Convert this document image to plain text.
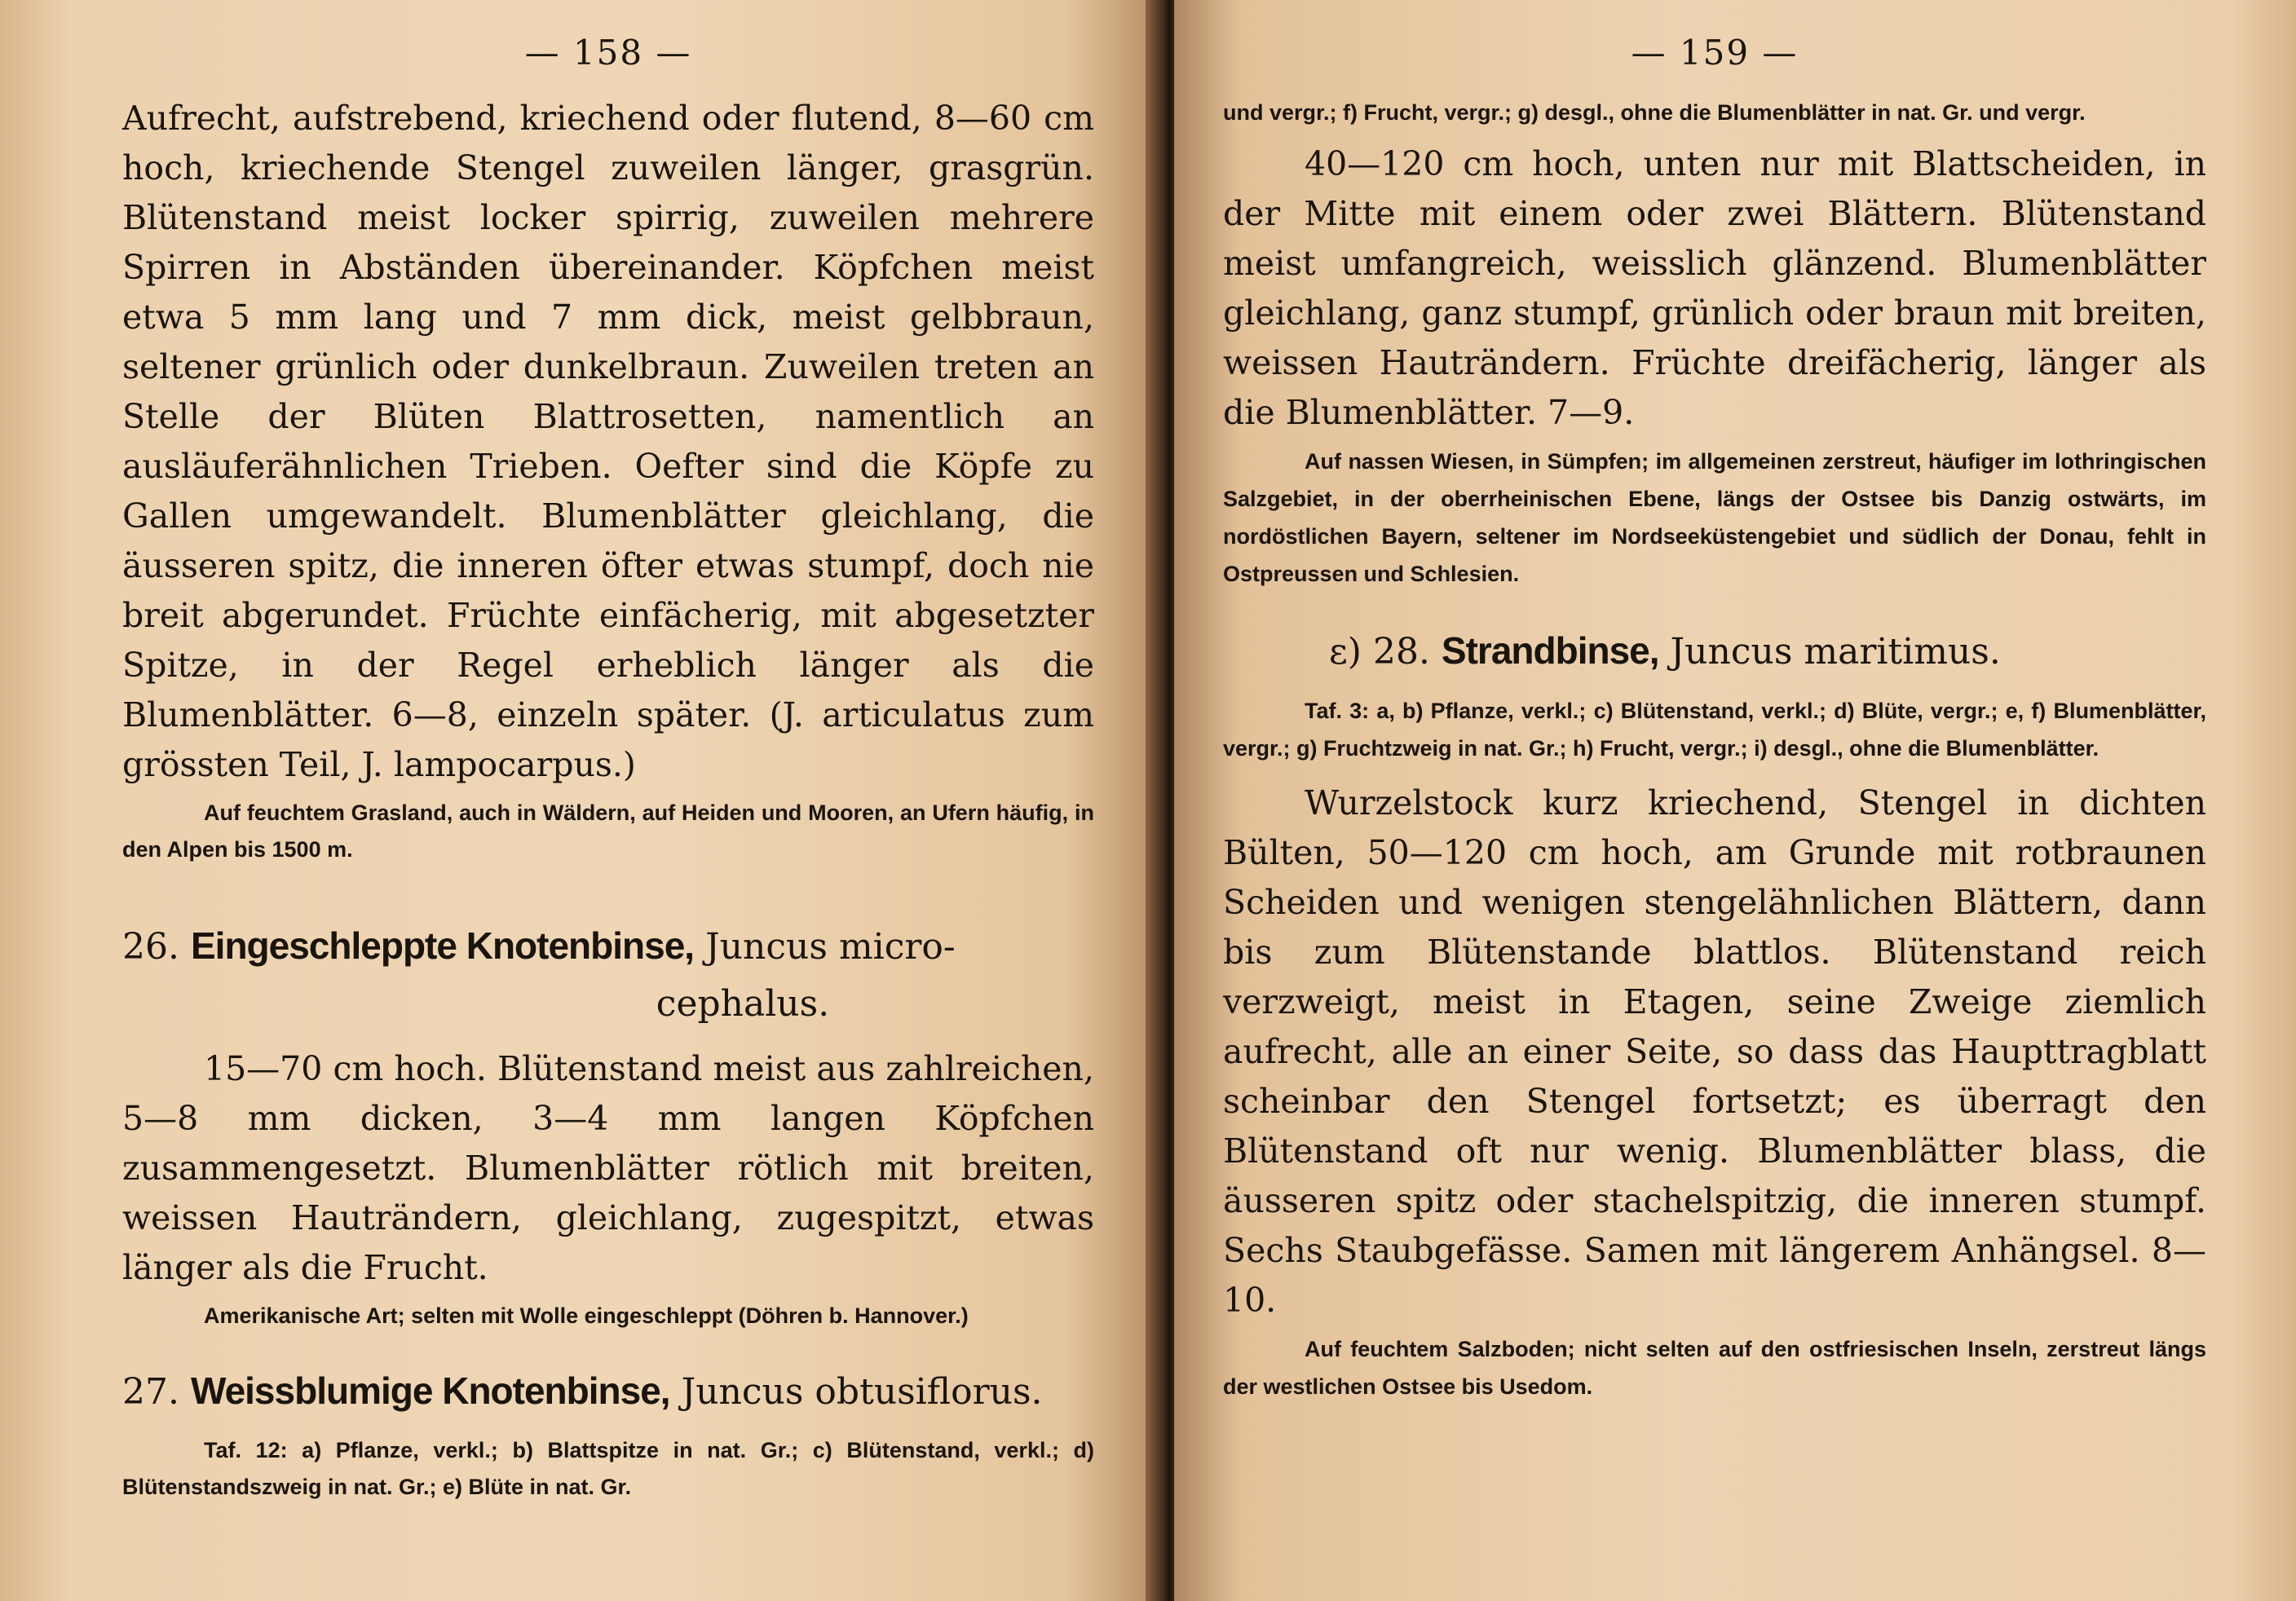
— 158 —

Aufrecht, aufstrebend, kriechend oder flutend, 8—60 cm hoch, kriechende Stengel zuweilen länger, grasgrün. Blütenstand meist locker spirrig, zuweilen mehrere Spirren in Abständen übereinander. Köpfchen meist etwa 5 mm lang und 7 mm dick, meist gelbbraun, seltener grünlich oder dunkelbraun. Zuweilen treten an Stelle der Blüten Blattrosetten, namentlich an ausläuferähnlichen Trieben. Oefter sind die Köpfe zu Gallen umgewandelt. Blumenblätter gleichlang, die äusseren spitz, die inneren öfter etwas stumpf, doch nie breit abgerundet. Früchte einfächerig, mit abgesetzter Spitze, in der Regel erheblich länger als die Blumenblätter. 6—8, einzeln später. (J. articulatus zum grössten Teil, J. lampocarpus.)

Auf feuchtem Grasland, auch in Wäldern, auf Heiden und Mooren, an Ufern häufig, in den Alpen bis 1500 m.

26. Eingeschleppte Knotenbinse, Juncus micro-
cephalus.

15—70 cm hoch. Blütenstand meist aus zahlreichen, 5—8 mm dicken, 3—4 mm langen Köpfchen zusammengesetzt. Blumenblätter rötlich mit breiten, weissen Hauträndern, gleichlang, zugespitzt, etwas länger als die Frucht.

Amerikanische Art; selten mit Wolle eingeschleppt (Döhren b. Hannover.)

27. Weissblumige Knotenbinse, Juncus obtusiflorus.

Taf. 12: a) Pflanze, verkl.; b) Blattspitze in nat. Gr.; c) Blütenstand, verkl.; d) Blütenstandszweig in nat. Gr.; e) Blüte in nat. Gr.

— 159 —

und vergr.; f) Frucht, vergr.; g) desgl., ohne die Blumenblätter in nat. Gr. und vergr.

40—120 cm hoch, unten nur mit Blattscheiden, in der Mitte mit einem oder zwei Blättern. Blütenstand meist umfangreich, weisslich glänzend. Blumenblätter gleichlang, ganz stumpf, grünlich oder braun mit breiten, weissen Hauträndern. Früchte dreifächerig, länger als die Blumenblätter. 7—9.

Auf nassen Wiesen, in Sümpfen; im allgemeinen zerstreut, häufiger im lothringischen Salzgebiet, in der oberrheinischen Ebene, längs der Ostsee bis Danzig ostwärts, im nordöstlichen Bayern, seltener im Nordseeküstengebiet und südlich der Donau, fehlt in Ostpreussen und Schlesien.

ε) 28. Strandbinse, Juncus maritimus.

Taf. 3: a, b) Pflanze, verkl.; c) Blütenstand, verkl.; d) Blüte, vergr.; e, f) Blumenblätter, vergr.; g) Fruchtzweig in nat. Gr.; h) Frucht, vergr.; i) desgl., ohne die Blumenblätter.

Wurzelstock kurz kriechend, Stengel in dichten Bülten, 50—120 cm hoch, am Grunde mit rotbraunen Scheiden und wenigen stengelähnlichen Blättern, dann bis zum Blütenstande blattlos. Blütenstand reich verzweigt, meist in Etagen, seine Zweige ziemlich aufrecht, alle an einer Seite, so dass das Haupttragblatt scheinbar den Stengel fortsetzt; es überragt den Blütenstand oft nur wenig. Blumenblätter blass, die äusseren spitz oder stachelspitzig, die inneren stumpf. Sechs Staubgefässe. Samen mit längerem Anhängsel. 8—10.

Auf feuchtem Salzboden; nicht selten auf den ostfriesischen Inseln, zerstreut längs der westlichen Ostsee bis Usedom.
